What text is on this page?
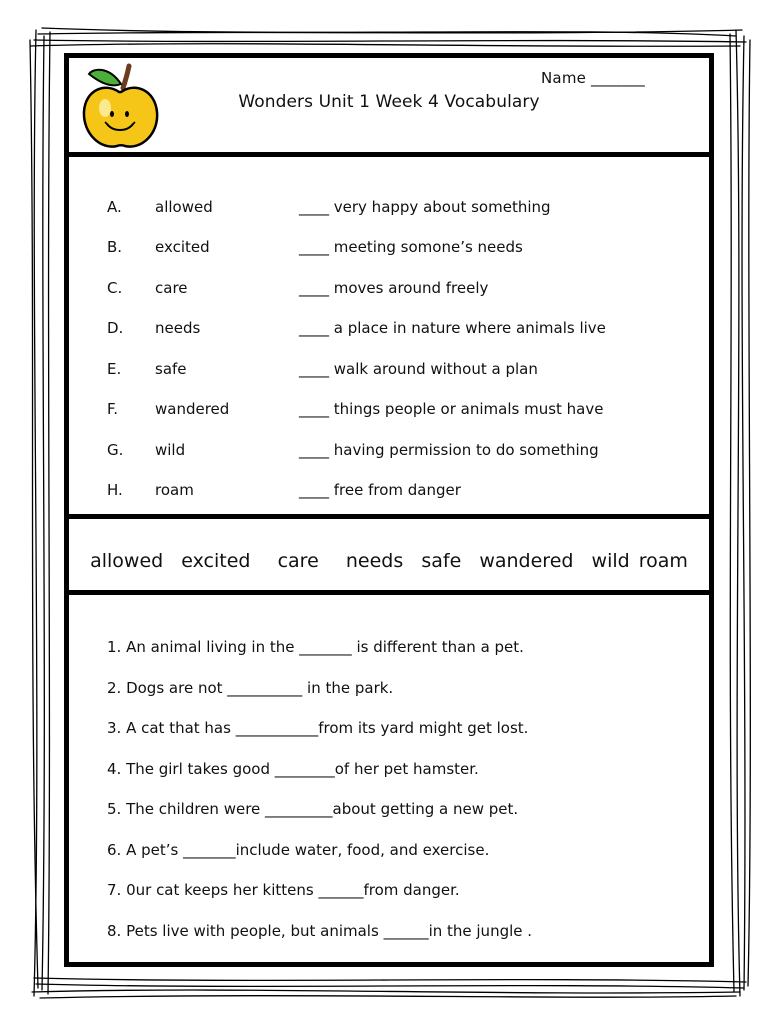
Name _______
Wonders Unit 1 Week 4 Vocabulary
A. allowed	____ very happy about something
B. excited	____ meeting somone’s needs
C. care	____ moves around freely
D. needs	____ a place in nature where animals live
E. safe	____ walk around without a plan
F. wandered	____ things people or animals must have
G. wild	____ having permission to do something
H. roam	____ free from danger
allowed  excited   care   needs  safe  wandered  wild roam
1. An animal living in the _______ is different than a pet.
2. Dogs are not __________ in the park.
3. A cat that has ___________from its yard might get lost.
4. The girl takes good ________of her pet hamster.
5. The children were _________about getting a new pet.
6. A pet’s _______include water, food, and exercise.
7. 0ur cat keeps her kittens ______from danger.
8. Pets live with people, but animals ______in the jungle .
